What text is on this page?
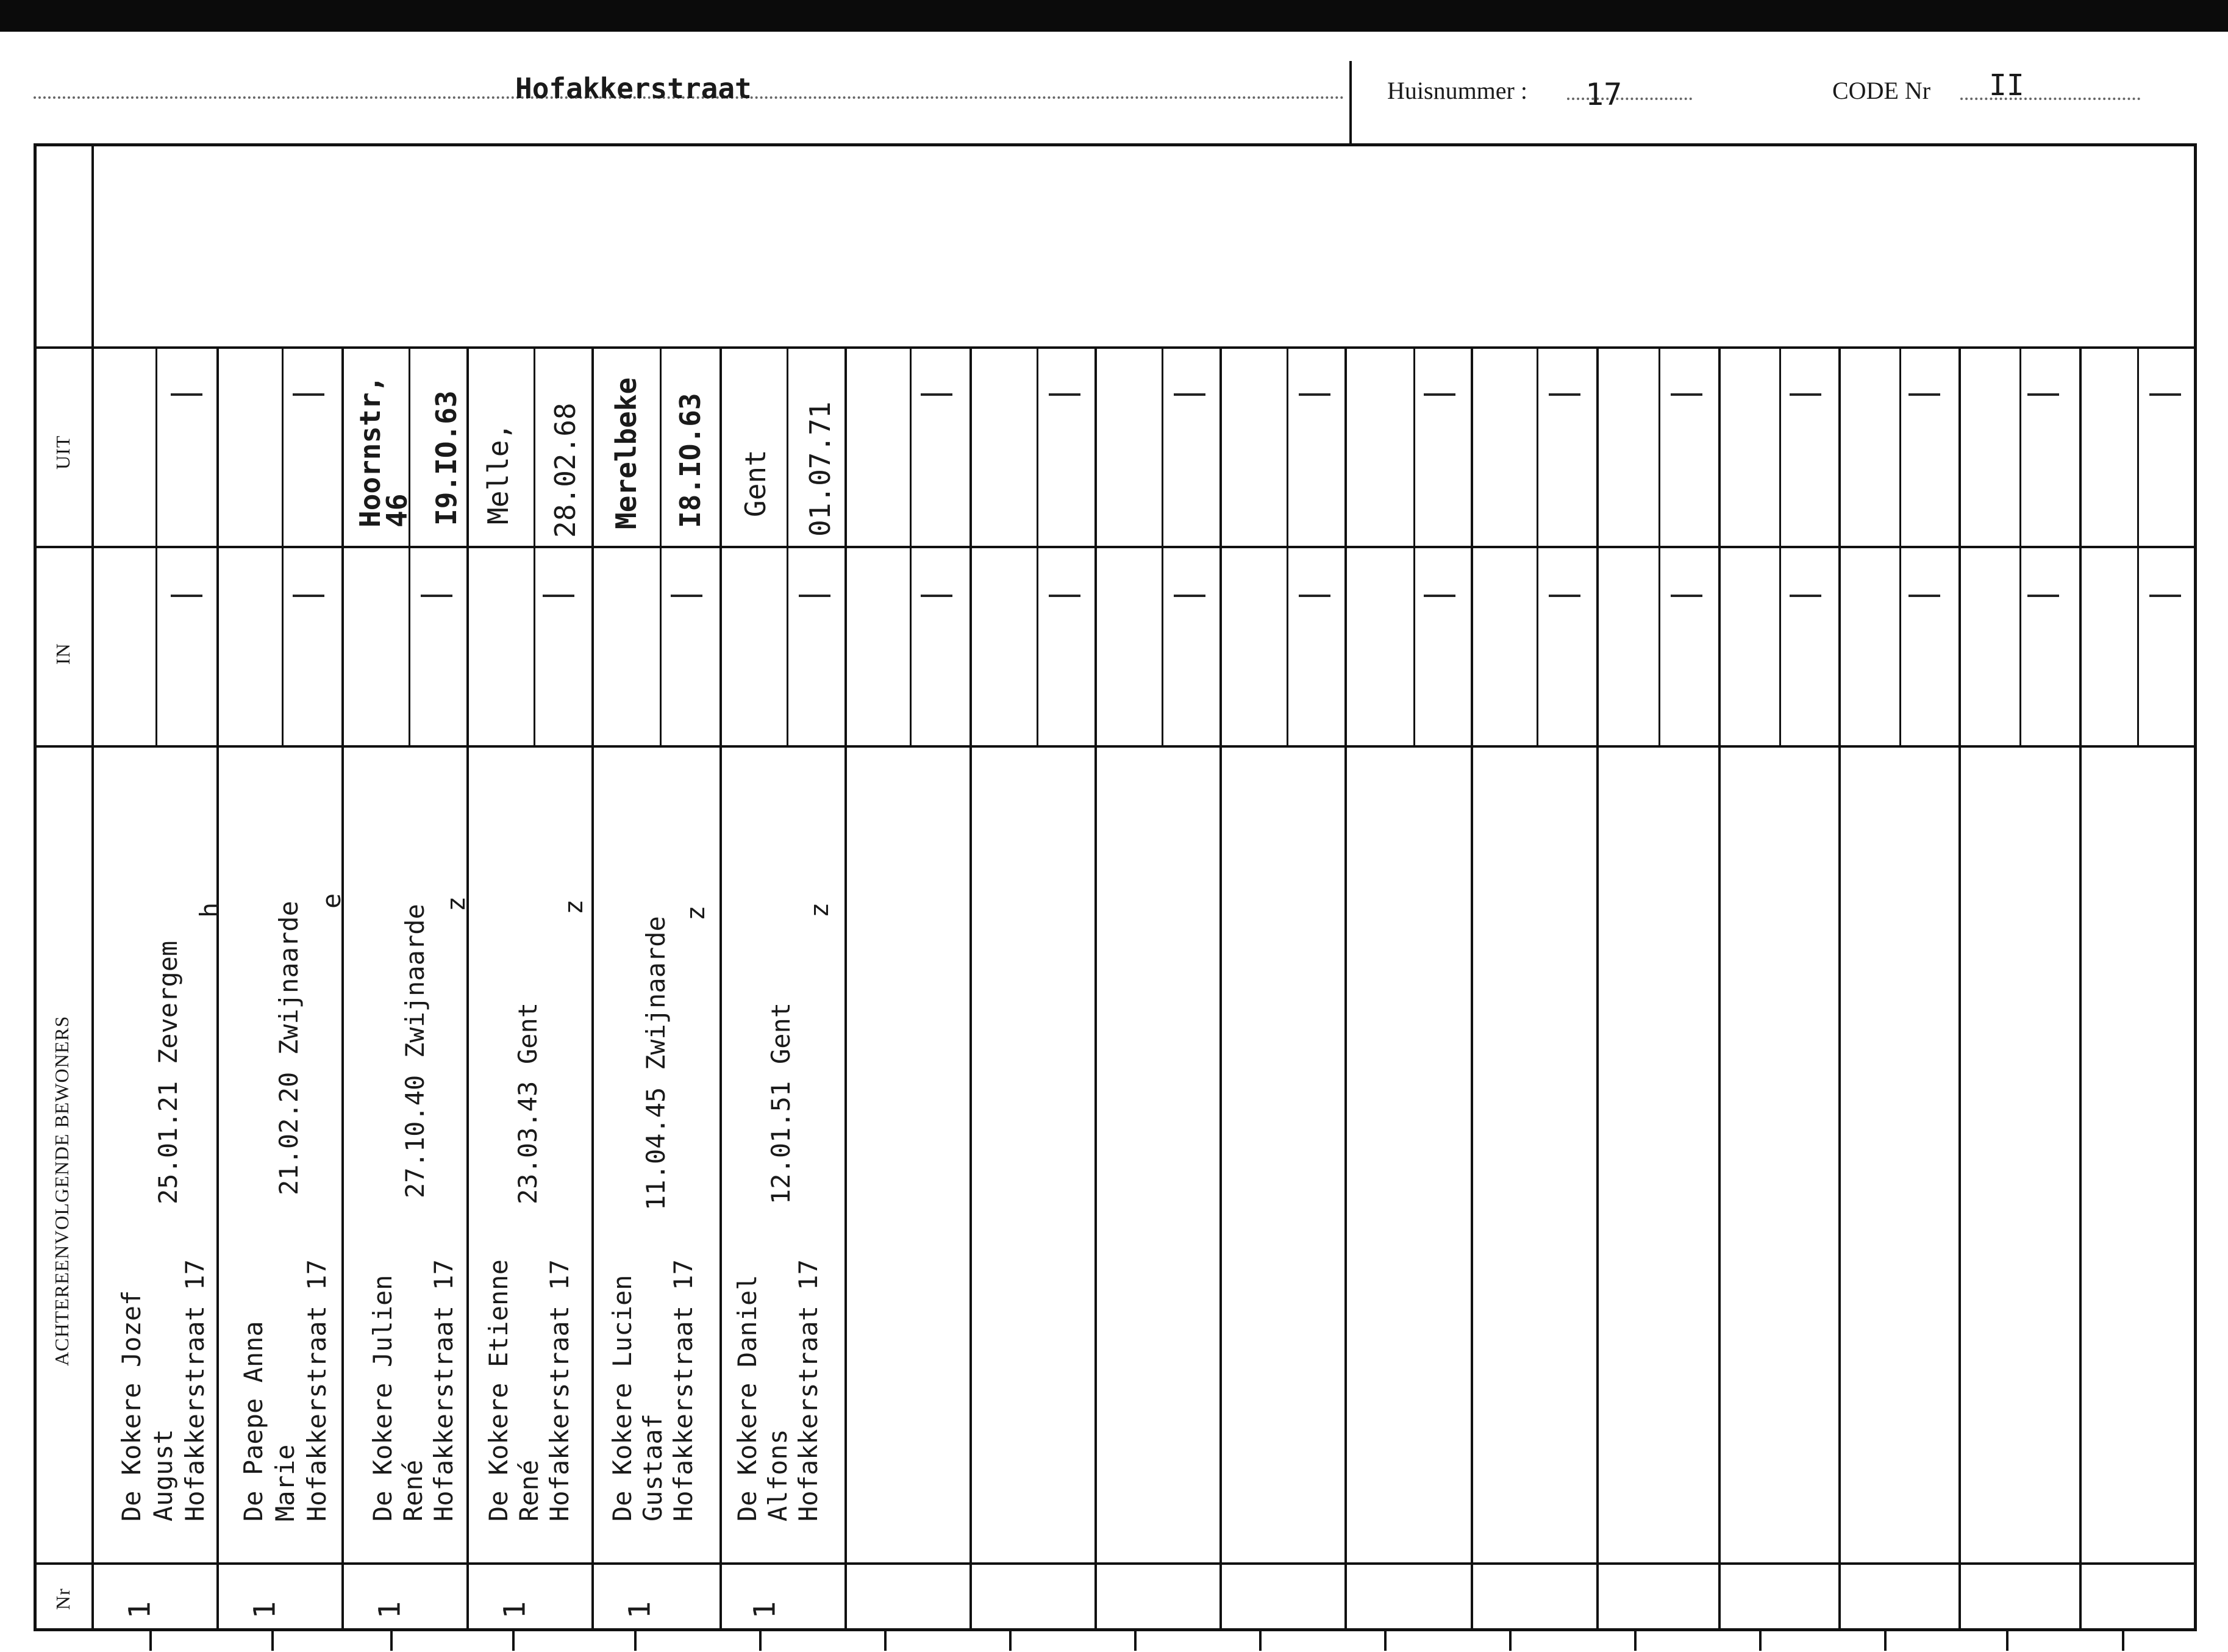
Hofakkerstraat	Huisnummer : 17	CODE Nr II
UIT
IN
ACHTEREENVOLGENDE BEWONERS
Nr 1
De Kokere Jozef August Hofakkerstraat 17
25.01.21
Zevergem
h
1
De Paepe Anna Marie Hofakkerstraat 17
21.02.20
Zwijnaarde e
1
De Kokere Julien René Hofakkerstraat 17
27.10.40
Zwijnaarde z
Hoornstr, 46 I9.IO.63
1
De Kokere Etienne René Hofakkerstraat 17
23.03.43
Gent
z
Melle, 28.02.68
1
De Kokere Lucien Gustaaf Hofakkerstraat 17
11.04.45
Zwijnaarde
z
Merelbeke I8.IO.63
1
De Kokere Daniel Alfons Hofakkerstraat 17
12.01.51
Gent
z
Gent 01.07.71
